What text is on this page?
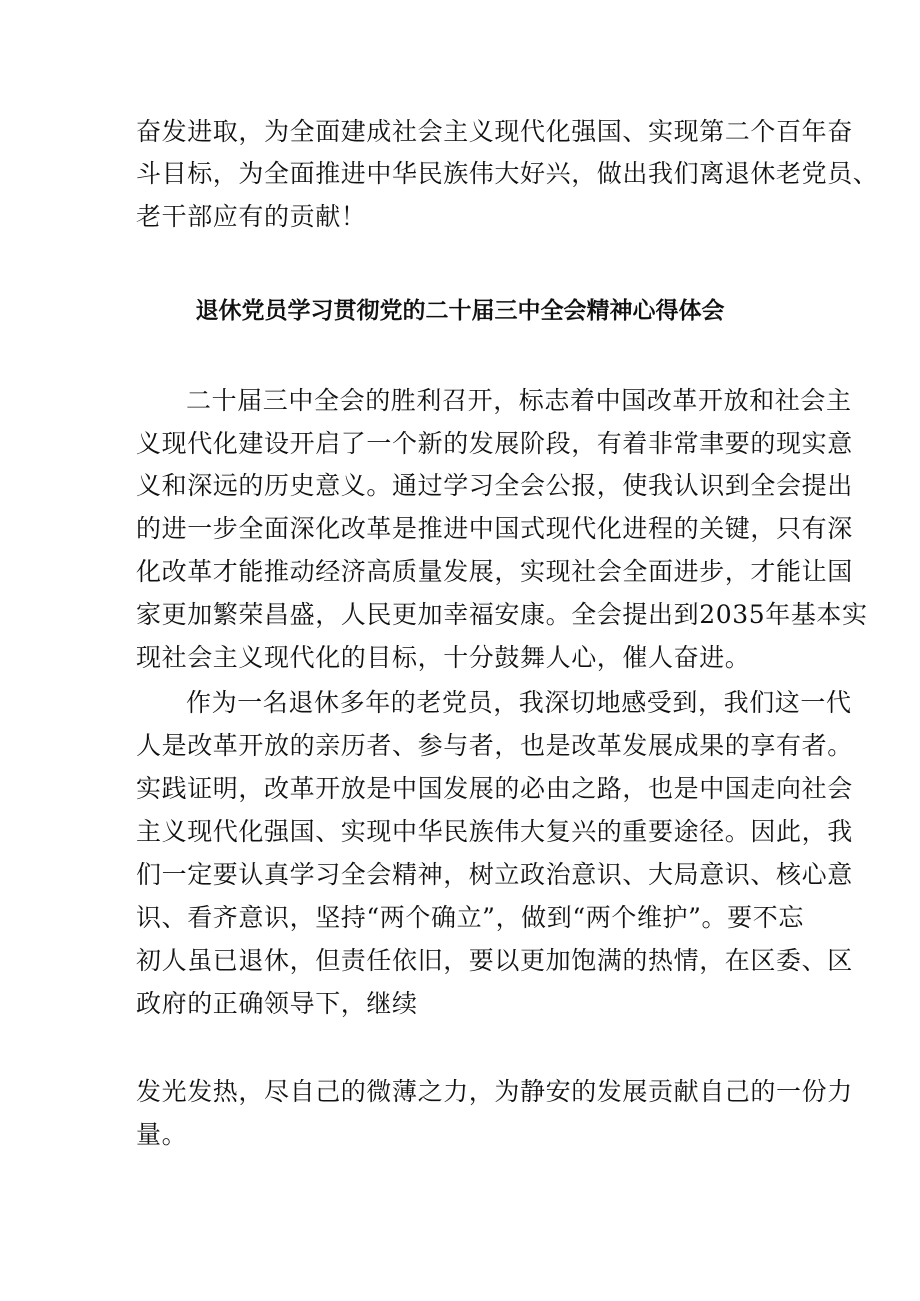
奋发进取，为全面建成社会主义现代化强国、实现第二个百年奋
斗目标，为全面推进中华民族伟大好兴，做出我们离退休老党员、
老干部应有的贡献！
退休党员学习贯彻党的二十届三中全会精神心得体会
二十届三中全会的胜利召开，标志着中国改革开放和社会主
义现代化建设开启了一个新的发展阶段，有着非常聿要的现实意
义和深远的历史意义。通过学习全会公报，使我认识到全会提出
的进一步全面深化改革是推进中国式现代化进程的关键，只有深
化改革才能推动经济高质量发展，实现社会全面进步，才能让国
家更加繁荣昌盛，人民更加幸福安康。全会提出到2035年基本实
现社会主义现代化的目标，十分鼓舞人心，催人奋进。
作为一名退休多年的老党员，我深切地感受到，我们这一代
人是改革开放的亲历者、参与者，也是改革发展成果的享有者。
实践证明，改革开放是中国发展的必由之路，也是中国走向社会
主义现代化强国、实现中华民族伟大复兴的重要途径。因此，我
们一定要认真学习全会精神，树立政治意识、大局意识、核心意
识、看齐意识，坚持“两个确立”，做到“两个维护”。要不忘
初人虽已退休，但责任依旧，要以更加饱满的热情，在区委、区
政府的正确领导下，继续
发光发热，尽自己的微薄之力，为静安的发展贡献自己的一份力
量。
